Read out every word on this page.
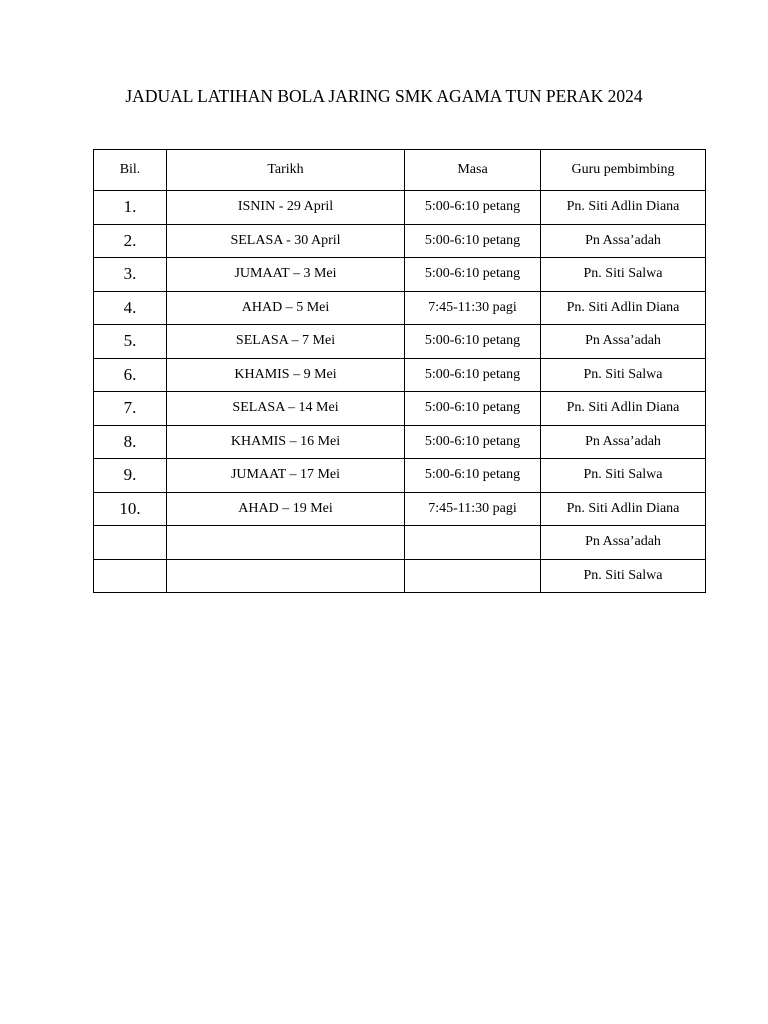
JADUAL LATIHAN BOLA JARING SMK AGAMA TUN PERAK 2024
Bil.	Tarikh	Masa	Guru pembimbing
1.	ISNIN - 29 April	5:00-6:10 petang	Pn. Siti Adlin Diana
2.	SELASA - 30 April	5:00-6:10 petang	Pn Assa’adah
3.	JUMAAT – 3 Mei	5:00-6:10 petang	Pn. Siti Salwa
4.	AHAD – 5 Mei	7:45-11:30 pagi	Pn. Siti Adlin Diana
5.	SELASA – 7 Mei	5:00-6:10 petang	Pn Assa’adah
6.	KHAMIS – 9 Mei	5:00-6:10 petang	Pn. Siti Salwa
7.	SELASA – 14 Mei	5:00-6:10 petang	Pn. Siti Adlin Diana
8.	KHAMIS – 16 Mei	5:00-6:10 petang	Pn Assa’adah
9.	JUMAAT – 17 Mei	5:00-6:10 petang	Pn. Siti Salwa
10.	AHAD – 19 Mei	7:45-11:30 pagi	Pn. Siti Adlin Diana
			Pn Assa’adah
			Pn. Siti Salwa
